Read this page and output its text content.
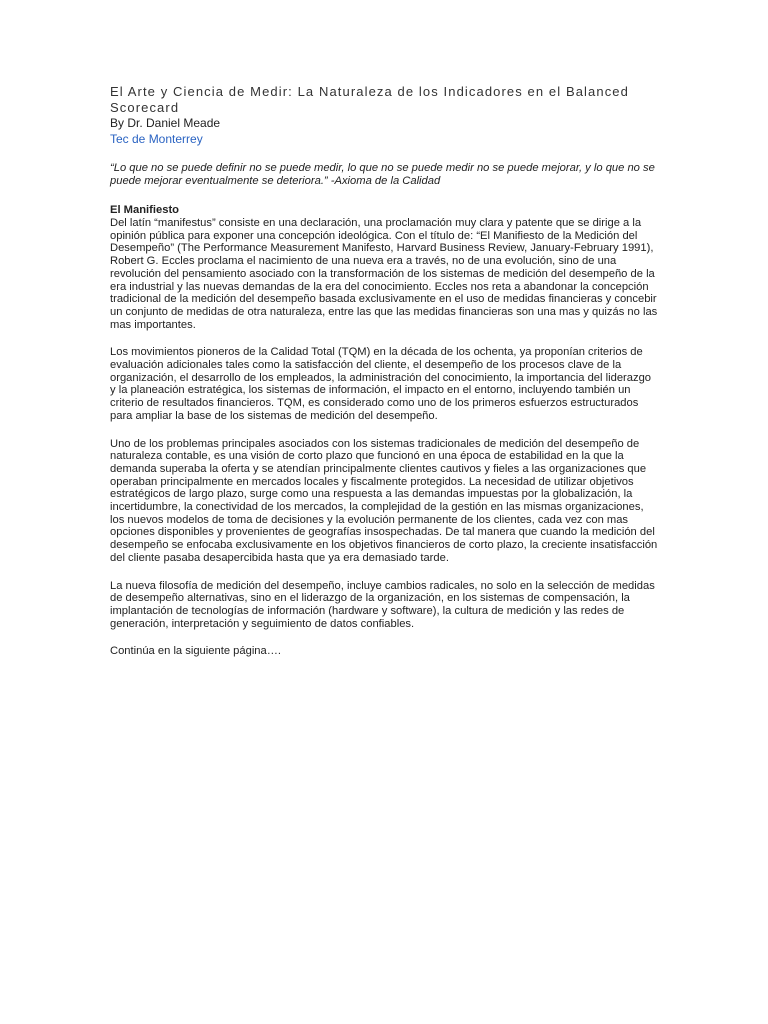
El Arte y Ciencia de Medir: La Naturaleza de los Indicadores en el Balanced Scorecard

By Dr. Daniel Meade

Tec de Monterrey

“Lo que no se puede definir no se puede medir, lo que no se puede medir no se puede mejorar, y lo que no se puede mejorar eventualmente se deteriora.” -Axioma de la Calidad

El Manifiesto

Del latín “manifestus” consiste en una declaración, una proclamación muy clara y patente que se dirige a la opinión pública para exponer una concepción ideológica. Con el título de: “El Manifiesto de la Medición del Desempeño” (The Performance Measurement Manifesto, Harvard Business Review, January-February 1991), Robert G. Eccles proclama el nacimiento de una nueva era a través, no de una evolución, sino de una revolución del pensamiento asociado con la transformación de los sistemas de medición del desempeño de la era industrial y las nuevas demandas de la era del conocimiento. Eccles nos reta a abandonar la concepción tradicional de la medición del desempeño basada exclusivamente en el uso de medidas financieras y concebir un conjunto de medidas de otra naturaleza, entre las que las medidas financieras son una mas y quizás no las mas importantes.

Los movimientos pioneros de la Calidad Total (TQM) en la década de los ochenta, ya proponían criterios de evaluación adicionales tales como la satisfacción del cliente, el desempeño de los procesos clave de la organización, el desarrollo de los empleados, la administración del conocimiento, la importancia del liderazgo y la planeación estratégica, los sistemas de información, el impacto en el entorno, incluyendo también un criterio de resultados financieros. TQM, es considerado como uno de los primeros esfuerzos estructurados para ampliar la base de los sistemas de medición del desempeño.

Uno de los problemas principales asociados con los sistemas tradicionales de medición del desempeño de naturaleza contable, es una visión de corto plazo que funcionó en una época de estabilidad en la que la demanda superaba la oferta y se atendían principalmente clientes cautivos y fieles a las organizaciones que operaban principalmente en mercados locales y fiscalmente protegidos. La necesidad de utilizar objetivos estratégicos de largo plazo, surge como una respuesta a las demandas impuestas por la globalización, la incertidumbre, la conectividad de los mercados, la complejidad de la gestión en las mismas organizaciones, los nuevos modelos de toma de decisiones y la evolución permanente de los clientes, cada vez con mas opciones disponibles y provenientes de geografías insospechadas. De tal manera que cuando la medición del desempeño se enfocaba exclusivamente en los objetivos financieros de corto plazo, la creciente insatisfacción del cliente pasaba desapercibida hasta que ya era demasiado tarde.

La nueva filosofía de medición del desempeño, incluye cambios radicales, no solo en la selección de medidas de desempeño alternativas, sino en el liderazgo de la organización, en los sistemas de compensación, la implantación de tecnologías de información (hardware y software), la cultura de medición y las redes de generación, interpretación y seguimiento de datos confiables.

Continúa en la siguiente página….
